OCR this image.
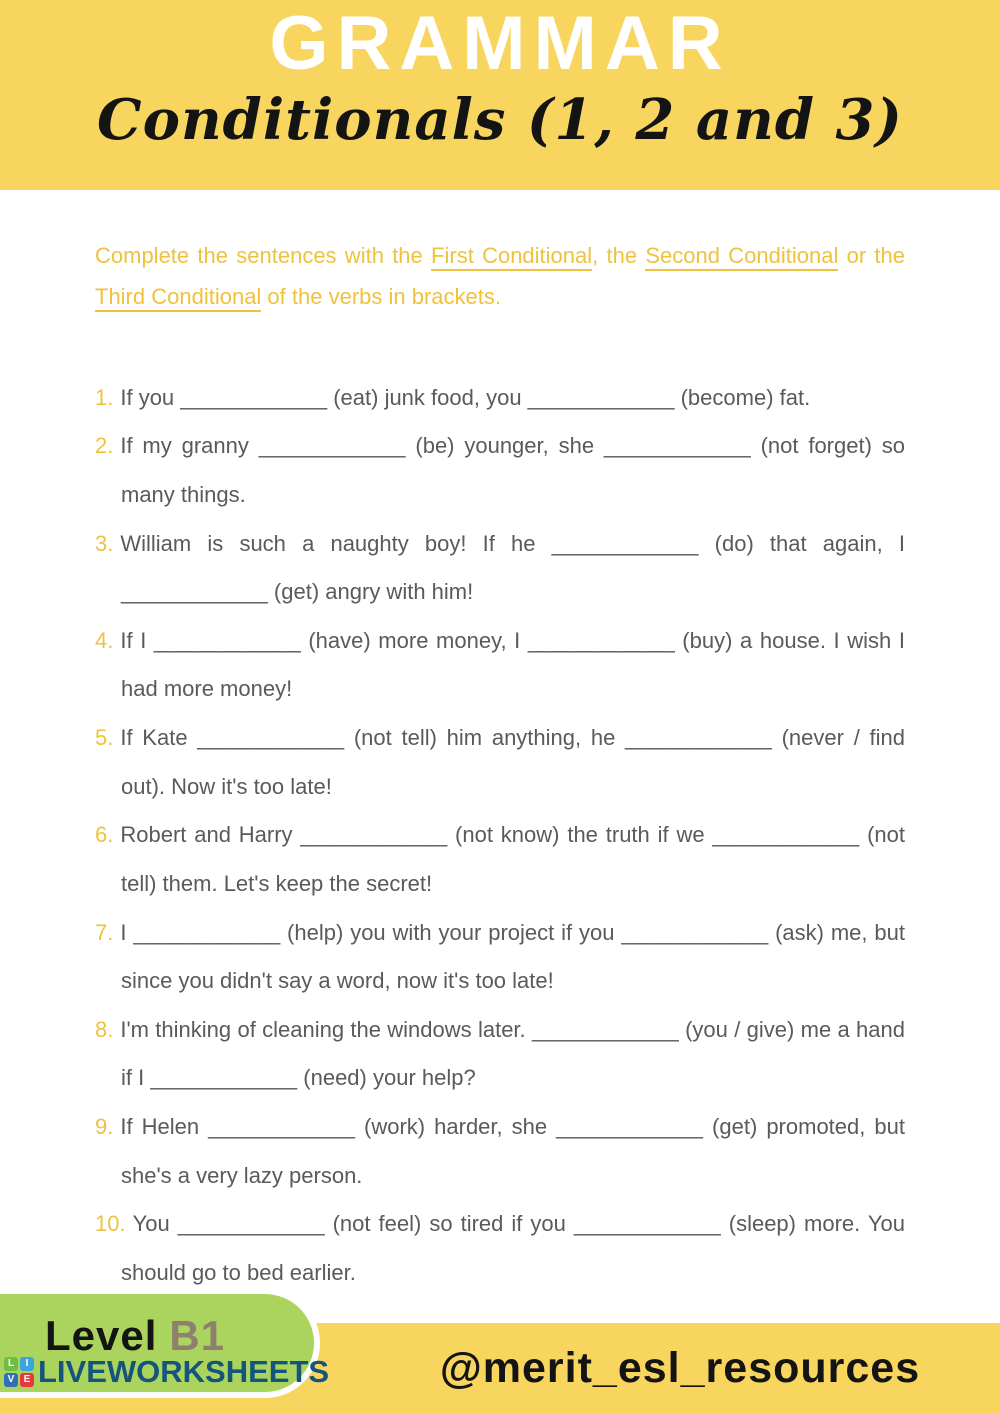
GRAMMAR
Conditionals (1, 2 and 3)
Complete the sentences with the First Conditional, the Second Conditional or the Third Conditional of the verbs in brackets.

1. If you ____________ (eat) junk food, you ____________ (become) fat.

2. If my granny ____________ (be) younger, she ____________ (not forget) so many things.

3. William is such a naughty boy! If he ____________ (do) that again, I ____________ (get) angry with him!

4. If I ____________ (have) more money, I ____________ (buy) a house. I wish I had more money!

5. If Kate ____________ (not tell) him anything, he ____________ (never / find out). Now it's too late!

6. Robert and Harry ____________ (not know) the truth if we ____________ (not tell) them. Let's keep the secret!

7. I ____________ (help) you with your project if you ____________ (ask) me, but since you didn't say a word, now it's too late!

8. I'm thinking of cleaning the windows later. ____________ (you / give) me a hand if I ____________ (need) your help?

9. If Helen ____________ (work) harder, she ____________ (get) promoted, but she's a very lazy person.

10. You ____________ (not feel) so tired if you ____________ (sleep) more. You should go to bed earlier.

Level B1
L	I
V E LIVEWORKSHEETS	@merit_esl_resources
